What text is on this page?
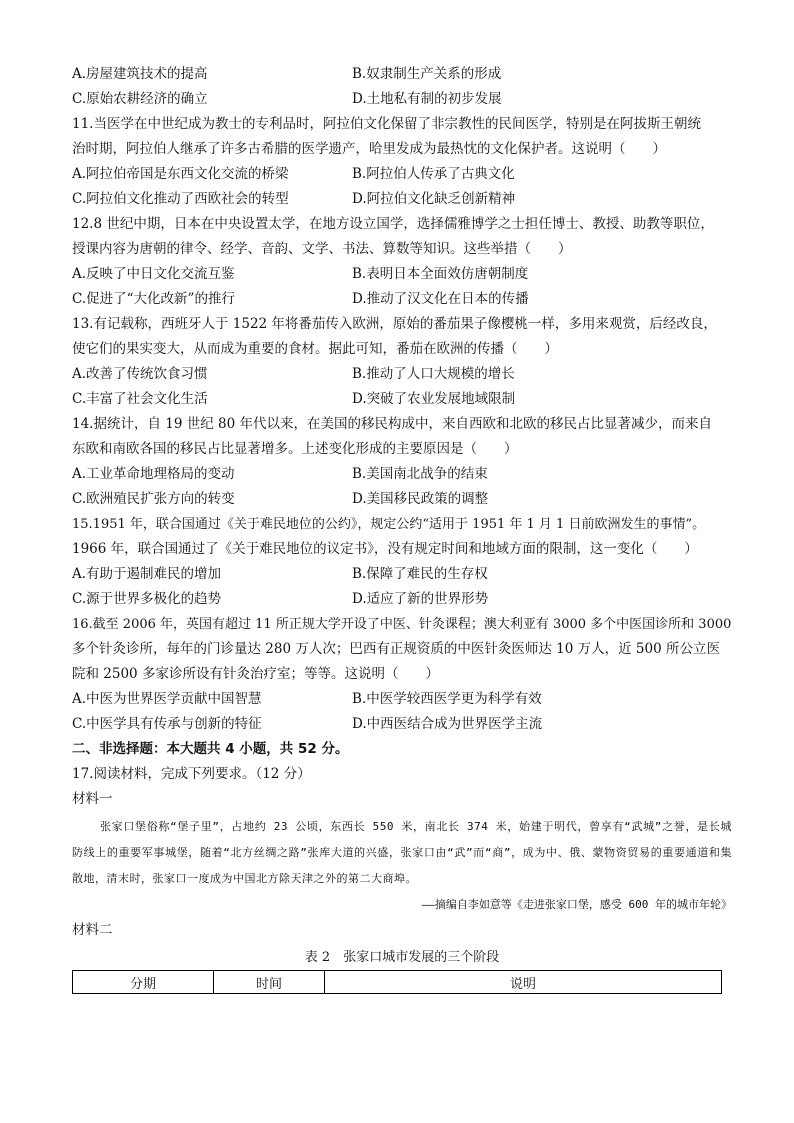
A.房屋建筑技术的提高	B.奴隶制生产关系的形成
C.原始农耕经济的确立	D.土地私有制的初步发展
11.当医学在中世纪成为教士的专利品时，阿拉伯文化保留了非宗教性的民间医学，特别是在阿拔斯王朝统
治时期，阿拉伯人继承了许多古希腊的医学遗产，哈里发成为最热忱的文化保护者。这说明（　　）
A.阿拉伯帝国是东西文化交流的桥梁	B.阿拉伯人传承了古典文化
C.阿拉伯文化推动了西欧社会的转型	D.阿拉伯文化缺乏创新精神
12.8 世纪中期，日本在中央设置太学，在地方设立国学，选择儒雅博学之士担任博士、教授、助教等职位，
授课内容为唐朝的律令、经学、音韵、文学、书法、算数等知识。这些举措（　　）
A.反映了中日文化交流互鉴	B.表明日本全面效仿唐朝制度
C.促进了“大化改新”的推行	D.推动了汉文化在日本的传播
13.有记载称，西班牙人于 1522 年将番茄传入欧洲，原始的番茄果子像樱桃一样，多用来观赏，后经改良，
使它们的果实变大，从而成为重要的食材。据此可知，番茄在欧洲的传播（　　）
A.改善了传统饮食习惯	B.推动了人口大规模的增长
C.丰富了社会文化生活	D.突破了农业发展地域限制
14.据统计，自 19 世纪 80 年代以来，在美国的移民构成中，来自西欧和北欧的移民占比显著减少，而来自
东欧和南欧各国的移民占比显著增多。上述变化形成的主要原因是（　　）
A.工业革命地理格局的变动	B.美国南北战争的结束
C.欧洲殖民扩张方向的转变	D.美国移民政策的调整
15.1951 年，联合国通过《关于难民地位的公约》，规定公约“适用于 1951 年 1 月 1 日前欧洲发生的事情”。
1966 年，联合国通过了《关于难民地位的议定书》，没有规定时间和地域方面的限制，这一变化（　　）
A.有助于遏制难民的增加	B.保障了难民的生存权
C.源于世界多极化的趋势	D.适应了新的世界形势
16.截至 2006 年，英国有超过 11 所正规大学开设了中医、针灸课程；澳大利亚有 3000 多个中医国诊所和 3000
多个针灸诊所，每年的门诊量达 280 万人次；巴西有正规资质的中医针灸医师达 10 万人，近 500 所公立医
院和 2500 多家诊所设有针灸治疗室；等等。这说明（　　）
A.中医为世界医学贡献中国智慧	B.中医学较西医学更为科学有效
C.中医学具有传承与创新的特征	D.中西医结合成为世界医学主流
二、非选择题：本大题共 4 小题，共 52 分。
17.阅读材料，完成下列要求。（12 分）
材料一
张家口堡俗称“堡子里”，占地约 23 公顷，东西长 550 米，南北长 374 米，始建于明代，曾享有“武城”之誉，是长城防线上的重要军事城堡，随着“北方丝绸之路”张库大道的兴盛，张家口由“武”而“商”，成为中、俄、蒙物资贸易的重要通道和集散地，清末时，张家口一度成为中国北方除天津之外的第二大商埠。
——摘编自李如意等《走进张家口堡，感受 600 年的城市年轮》
材料二
表 2　张家口城市发展的三个阶段
分期	时间	说明
